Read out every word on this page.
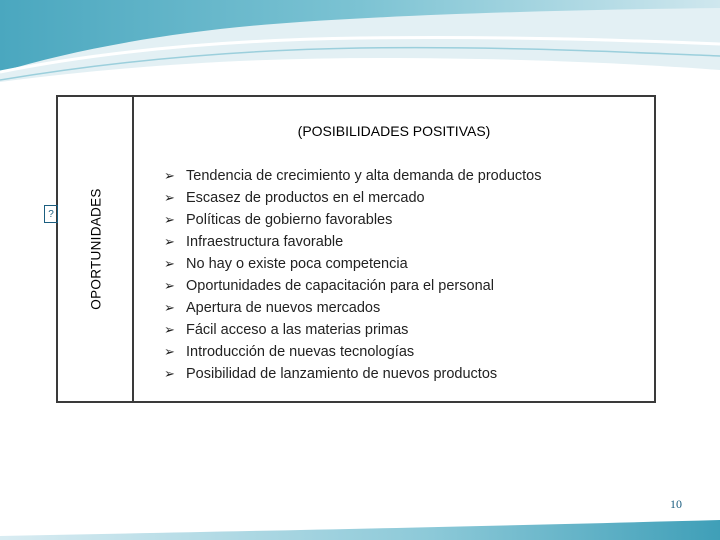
OPORTUNIDADES
(POSIBILIDADES POSITIVAS)
➢ Tendencia de crecimiento y alta demanda de productos
➢ Escasez de productos en el mercado
➢ Políticas de gobierno favorables
➢ Infraestructura favorable
➢ No hay o existe poca competencia
➢ Oportunidades de capacitación para el personal
➢ Apertura de nuevos mercados
➢ Fácil acceso a las materias primas
➢ Introducción de nuevas tecnologías
➢ Posibilidad de lanzamiento de nuevos productos
?
10
